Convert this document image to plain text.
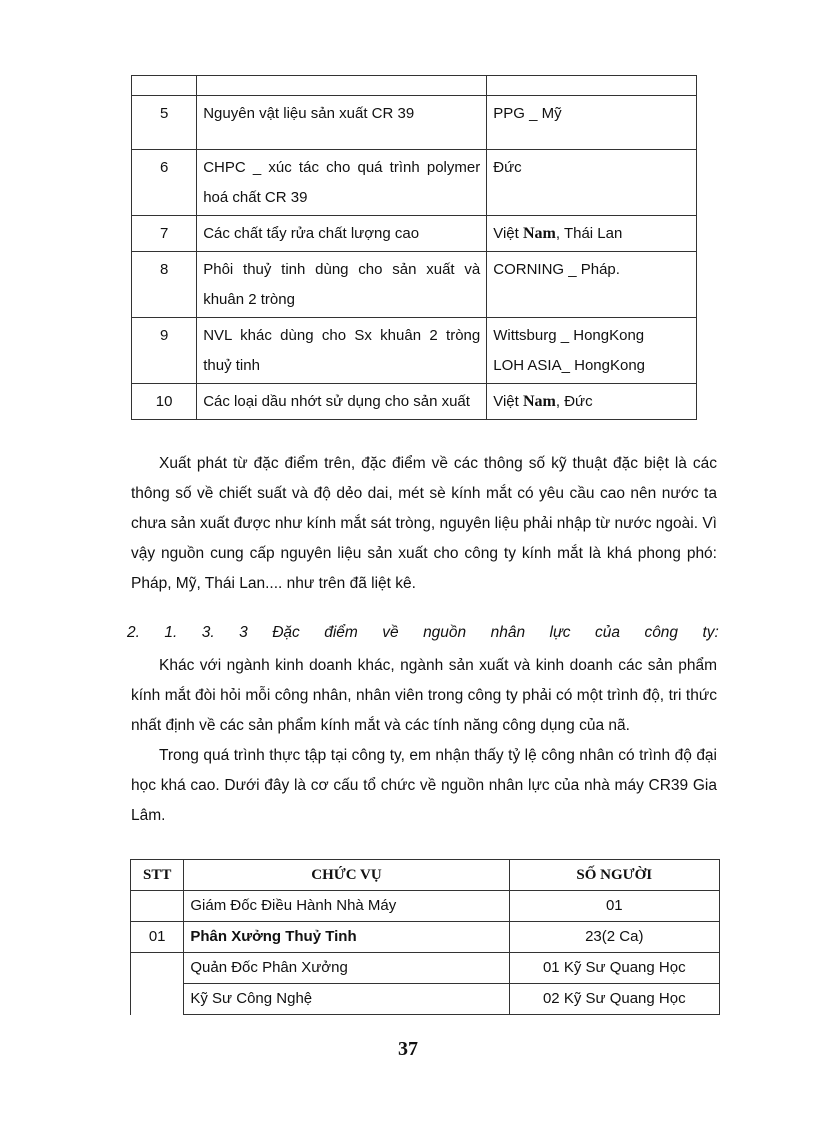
5	Nguyên vật liệu sản xuất CR 39	PPG _ Mỹ
6	CHPC _ xúc tác cho quá trình polymer hoá chất CR 39	Đức
7	Các chất tẩy rửa chất lượng cao	Việt Nam, Thái Lan
8	Phôi thuỷ tinh dùng cho sản xuất và khuân 2 tròng	CORNING _ Pháp.
9	NVL khác dùng cho Sx khuân 2 tròng thuỷ tinh	Wittsburg _ HongKong
LOH ASIA_ HongKong

10	Các loại dầu nhớt sử dụng cho sản xuất	Việt Nam, Đức

Xuất phát từ đặc điểm trên, đặc điểm về các thông số kỹ thuật đặc biệt là các thông số về chiết suất và độ dẻo dai, mét sè kính mắt có yêu cầu cao nên nước ta chưa sản xuất được như kính mắt sát tròng, nguyên liệu phải nhập từ nước ngoài. Vì vậy nguồn cung cấp nguyên liệu sản xuất cho công ty kính mắt là khá phong phó: Pháp, Mỹ, Thái Lan.... như trên đã liệt kê.

2. 1. 3. 3 Đặc điểm về nguồn nhân lực của công ty:

Khác với ngành kinh doanh khác, ngành sản xuất và kinh doanh các sản phẩm kính mắt đòi hỏi mỗi công nhân, nhân viên trong công ty phải có một trình độ, tri thức nhất định về các sản phẩm kính mắt và các tính năng công dụng của nã.

Trong quá trình thực tập tại công ty, em nhận thấy tỷ lệ công nhân có trình độ đại học khá cao. Dưới đây là cơ cấu tổ chức về nguồn nhân lực của nhà máy CR39 Gia Lâm.

STT	CHỨC VỤ	SỐ NGƯỜI
	Giám Đốc Điều Hành Nhà Máy	01
01	Phân Xưởng Thuỷ Tinh	23(2 Ca)
	Quản Đốc Phân Xưởng	01 Kỹ Sư Quang Học
	Kỹ Sư Công Nghệ	02 Kỹ Sư Quang Học
37
